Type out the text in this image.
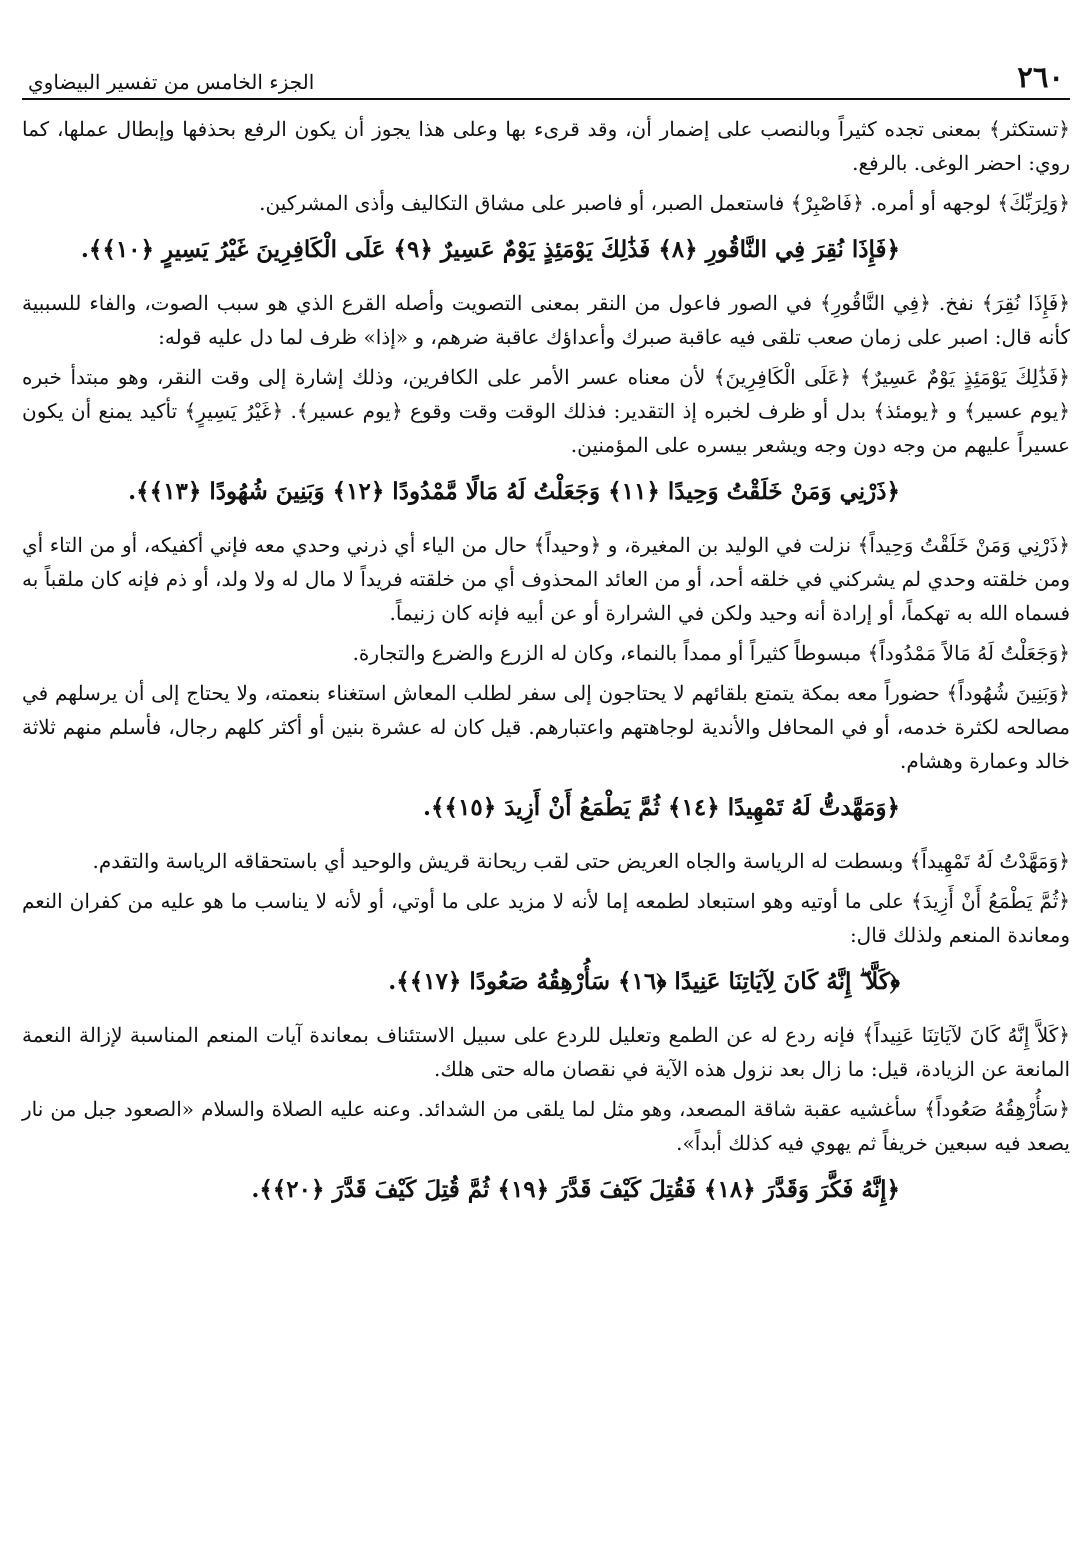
٢٦٠
الجزء الخامس من تفسير البيضاوي

﴿تستكثر﴾ بمعنى تجده كثيراً وبالنصب على إضمار أن، وقد قرىء بها وعلى هذا يجوز أن يكون الرفع بحذفها وإبطال عملها، كما روي: احضر الوغى. بالرفع.

﴿وَلِرَبِّكَ﴾ لوجهه أو أمره. ﴿فَاصْبِرْ﴾ فاستعمل الصبر، أو فاصبر على مشاق التكاليف وأذى المشركين.

﴿فَإِذَا نُقِرَ فِي النَّاقُورِ ﴿٨﴾ فَذَٰلِكَ يَوْمَئِذٍ يَوْمٌ عَسِيرٌ ﴿٩﴾ عَلَى الْكَافِرِينَ غَيْرُ يَسِيرٍ ﴿١٠﴾﴾.

﴿فَإِذَا نُقِرَ﴾ نفخ. ﴿فِي النَّاقُورِ﴾ في الصور فاعول من النقر بمعنى التصويت وأصله القرع الذي هو سبب الصوت، والفاء للسببية كأنه قال: اصبر على زمان صعب تلقى فيه عاقبة صبرك وأعداؤك عاقبة ضرهم، و «إذا» ظرف لما دل عليه قوله:

﴿فَذَٰلِكَ يَوْمَئِذٍ يَوْمٌ عَسِيرٌ﴾ ﴿عَلَى الْكَافِرِينَ﴾ لأن معناه عسر الأمر على الكافرين، وذلك إشارة إلى وقت النقر، وهو مبتدأ خبره ﴿يوم عسير﴾ و ﴿يومئذ﴾ بدل أو ظرف لخبره إذ التقدير: فذلك الوقت وقت وقوع ﴿يوم عسير﴾. ﴿غَيْرُ يَسِيرٍ﴾ تأكيد يمنع أن يكون عسيراً عليهم من وجه دون وجه ويشعر بيسره على المؤمنين.

﴿ذَرْنِي وَمَنْ خَلَقْتُ وَحِيدًا ﴿١١﴾ وَجَعَلْتُ لَهُ مَالًا مَّمْدُودًا ﴿١٢﴾ وَبَنِينَ شُهُودًا ﴿١٣﴾﴾.

﴿ذَرْنِي وَمَنْ خَلَقْتُ وَحِيداً﴾ نزلت في الوليد بن المغيرة، و ﴿وحيداً﴾ حال من الياء أي ذرني وحدي معه فإني أكفيكه، أو من التاء أي ومن خلقته وحدي لم يشركني في خلقه أحد، أو من العائد المحذوف أي من خلقته فريداً لا مال له ولا ولد، أو ذم فإنه كان ملقباً به فسماه الله به تهكماً، أو إرادة أنه وحيد ولكن في الشرارة أو عن أبيه فإنه كان زنيماً.

﴿وَجَعَلْتُ لَهُ مَالاً مَمْدُوداً﴾ مبسوطاً كثيراً أو ممداً بالنماء، وكان له الزرع والضرع والتجارة.

﴿وَبَنِينَ شُهُوداً﴾ حضوراً معه بمكة يتمتع بلقائهم لا يحتاجون إلى سفر لطلب المعاش استغناء بنعمته، ولا يحتاج إلى أن يرسلهم في مصالحه لكثرة خدمه، أو في المحافل والأندية لوجاهتهم واعتبارهم. قيل كان له عشرة بنين أو أكثر كلهم رجال، فأسلم منهم ثلاثة خالد وعمارة وهشام.

﴿وَمَهَّدتُّ لَهُ تَمْهِيدًا ﴿١٤﴾ ثُمَّ يَطْمَعُ أَنْ أَزِيدَ ﴿١٥﴾﴾.

﴿وَمَهَّدْتُ لَهُ تَمْهِيداً﴾ وبسطت له الرياسة والجاه العريض حتى لقب ريحانة قريش والوحيد أي باستحقاقه الرياسة والتقدم.

﴿ثُمَّ يَطْمَعُ أَنْ أَزِيدَ﴾ على ما أوتيه وهو استبعاد لطمعه إما لأنه لا مزيد على ما أوتي، أو لأنه لا يناسب ما هو عليه من كفران النعم ومعاندة المنعم ولذلك قال:

﴿كَلَّا ۖ إِنَّهُ كَانَ لِآيَاتِنَا عَنِيدًا ﴿١٦﴾ سَأُرْهِقُهُ صَعُودًا ﴿١٧﴾﴾.

﴿كَلاَّ إِنَّهُ كَانَ لآيَاتِنَا عَنِيداً﴾ فإنه ردع له عن الطمع وتعليل للردع على سبيل الاستئناف بمعاندة آيات المنعم المناسبة لإزالة النعمة المانعة عن الزيادة، قيل: ما زال بعد نزول هذه الآية في نقصان ماله حتى هلك.

﴿سَأُرْهِقُهُ صَعُوداً﴾ سأغشيه عقبة شاقة المصعد، وهو مثل لما يلقى من الشدائد. وعنه عليه الصلاة والسلام «الصعود جبل من نار يصعد فيه سبعين خريفاً ثم يهوي فيه كذلك أبداً».

﴿إِنَّهُ فَكَّرَ وَقَدَّرَ ﴿١٨﴾ فَقُتِلَ كَيْفَ قَدَّرَ ﴿١٩﴾ ثُمَّ قُتِلَ كَيْفَ قَدَّرَ ﴿٢٠﴾﴾.
